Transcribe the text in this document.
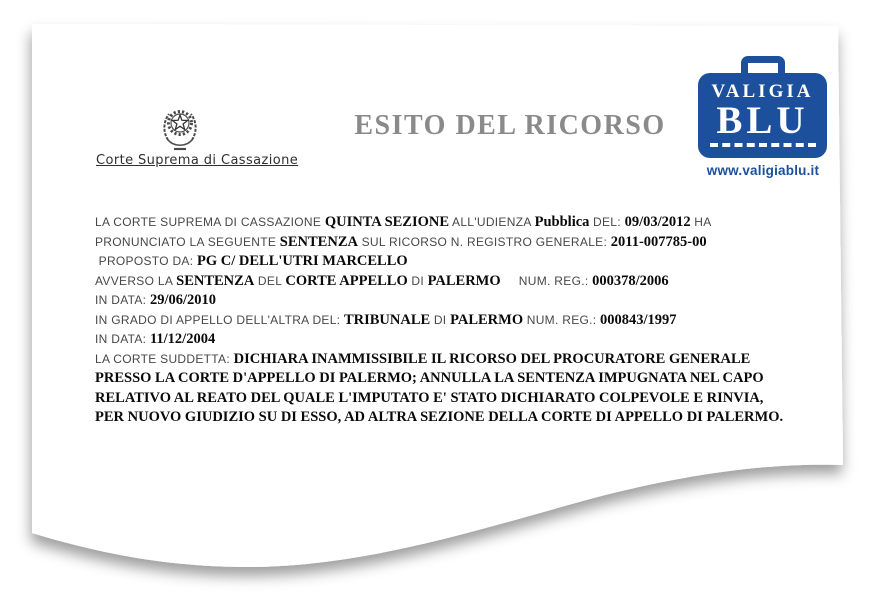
Corte Suprema di Cassazione
ESITO DEL RICORSO
VALIGIA
BLU
www.valigiablu.it
LA CORTE SUPREMA DI CASSAZIONE QUINTA SEZIONE ALL'UDIENZA Pubblica DEL: 09/03/2012 HA
PRONUNCIATO LA SEGUENTE SENTENZA SUL RICORSO N. REGISTRO GENERALE: 2011-007785-00
PROPOSTO DA: PG C/ DELL'UTRI MARCELLO
AVVERSO LA SENTENZA DEL CORTE APPELLO DI PALERMO     NUM. REG.: 000378/2006
IN DATA: 29/06/2010
IN GRADO DI APPELLO DELL'ALTRA DEL: TRIBUNALE DI PALERMO NUM. REG.: 000843/1997
IN DATA: 11/12/2004
LA CORTE SUDDETTA: DICHIARA INAMMISSIBILE IL RICORSO DEL PROCURATORE GENERALE
PRESSO LA CORTE D'APPELLO DI PALERMO; ANNULLA LA SENTENZA IMPUGNATA NEL CAPO
RELATIVO AL REATO DEL QUALE L'IMPUTATO E' STATO DICHIARATO COLPEVOLE E RINVIA,
PER NUOVO GIUDIZIO SU DI ESSO, AD ALTRA SEZIONE DELLA CORTE DI APPELLO DI PALERMO.
